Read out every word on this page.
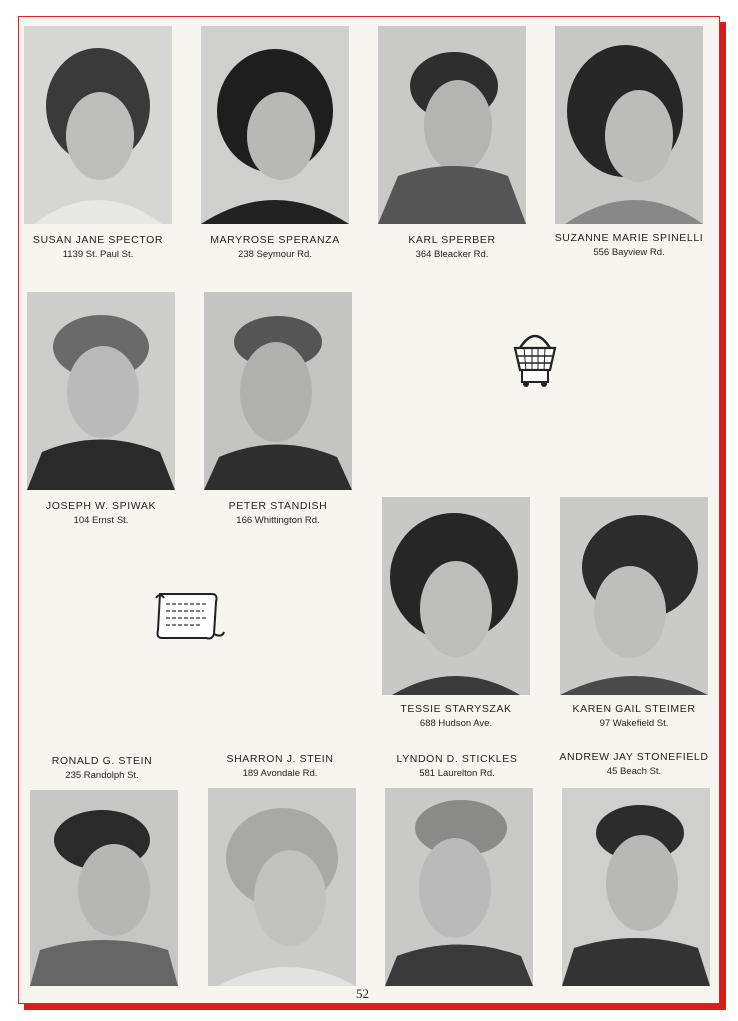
SUSAN JANE SPECTOR
1139 St. Paul St.
MARYROSE SPERANZA
238 Seymour Rd.
KARL SPERBER
364 Bleacker Rd.
SUZANNE MARIE SPINELLI
556 Bayview Rd.
JOSEPH W. SPIWAK
104 Ernst St.
PETER STANDISH
166 Whittington Rd.
TESSIE STARYSZAK
688 Hudson Ave.
KAREN GAIL STEIMER
97 Wakefield St.
RONALD G. STEIN
235 Randolph St.
SHARRON J. STEIN
189 Avondale Rd.
LYNDON D. STICKLES
581 Laurelton Rd.
ANDREW JAY STONEFIELD
45 Beach St.
52
